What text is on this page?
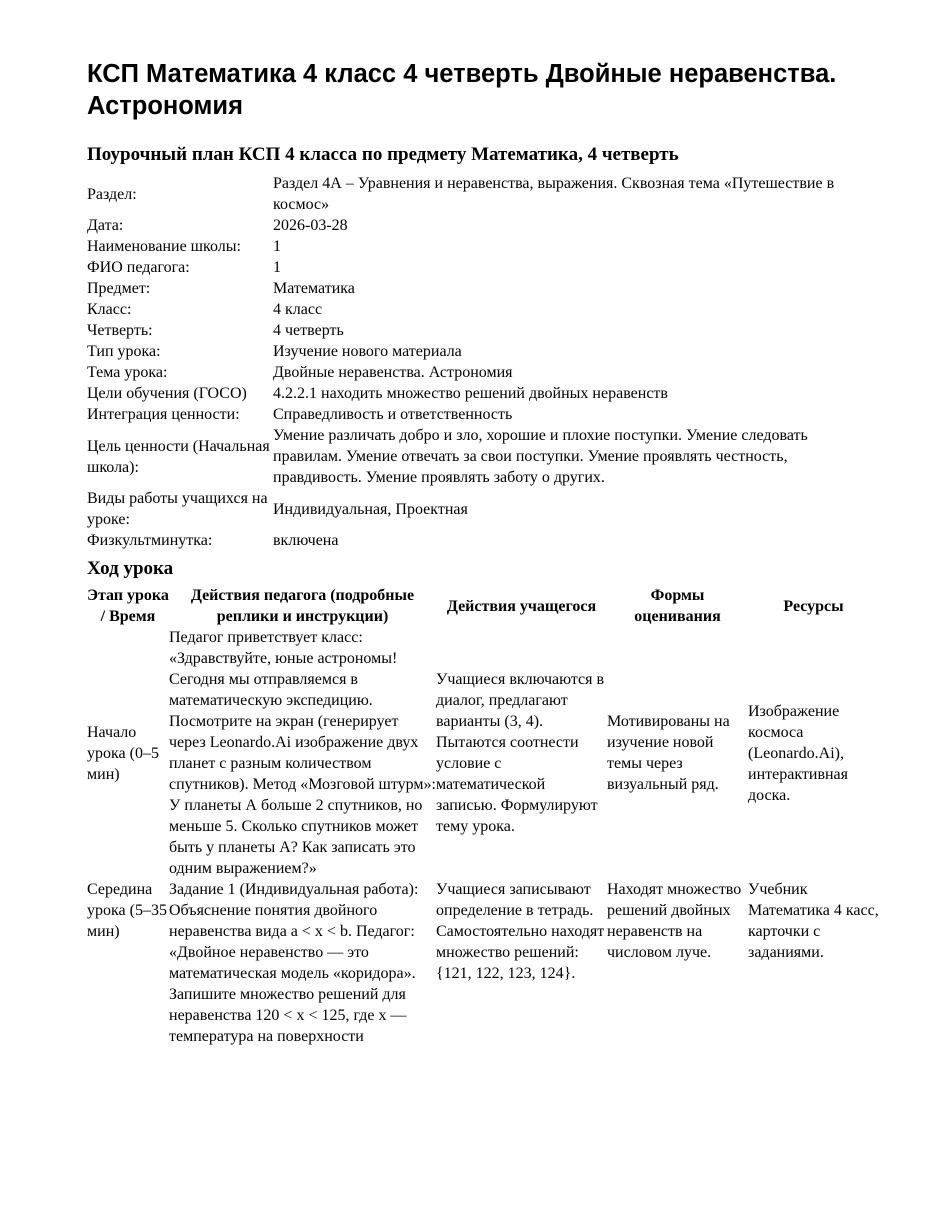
КСП Математика 4 класс 4 четверть Двойные неравенства. Астрономия
Поурочный план КСП 4 класса по предмету Математика, 4 четверть
Раздел:	Раздел 4А – Уравнения и неравенства, выражения. Сквозная тема «Путешествие в космос»
Дата:	2026-03-28
Наименование школы:	1
ФИО педагога:	1
Предмет:	Математика
Класс:	4 класс
Четверть:	4 четверть
Тип урока:	Изучение нового материала
Тема урока:	Двойные неравенства. Астрономия
Цели обучения (ГОСО)	4.2.2.1 находить множество решений двойных неравенств
Интеграция ценности:	Справедливость и ответственность
Цель ценности (Начальная школа):	Умение различать добро и зло, хорошие и плохие поступки. Умение следовать правилам. Умение отвечать за свои поступки. Умение проявлять честность, правдивость. Умение проявлять заботу о других.
Виды работы учащихся на уроке:	Индивидуальная, Проектная
Физкультминутка:	включена
Ход урока
Этап урока / Время	Действия педагога (подробные реплики и инструкции)	Действия учащегося	Формы оценивания	Ресурсы
Начало урока (0–5 мин)	Педагог приветствует класс: «Здравствуйте, юные астрономы! Сегодня мы отправляемся в математическую экспедицию. Посмотрите на экран (генерирует через Leonardo.Ai изображение двух планет с разным количеством спутников). Метод «Мозговой штурм»: У планеты А больше 2 спутников, но меньше 5. Сколько спутников может быть у планеты А? Как записать это одним выражением?»	Учащиеся включаются в диалог, предлагают варианты (3, 4). Пытаются соотнести условие с математической записью. Формулируют тему урока.	Мотивированы на изучение новой темы через визуальный ряд.	Изображение космоса (Leonardo.Ai), интерактивная доска.
Середина урока (5–35 мин)	Задание 1 (Индивидуальная работа): Объяснение понятия двойного неравенства вида a < x < b. Педагог: «Двойное неравенство — это математическая модель «коридора». Запишите множество решений для неравенства 120 < x < 125, где x — температура на поверхности	Учащиеся записывают определение в тетрадь. Самостоятельно находят множество решений: {121, 122, 123, 124}.	Находят множество решений двойных неравенств на числовом луче.	Учебник Математика 4 касс, карточки с заданиями.
